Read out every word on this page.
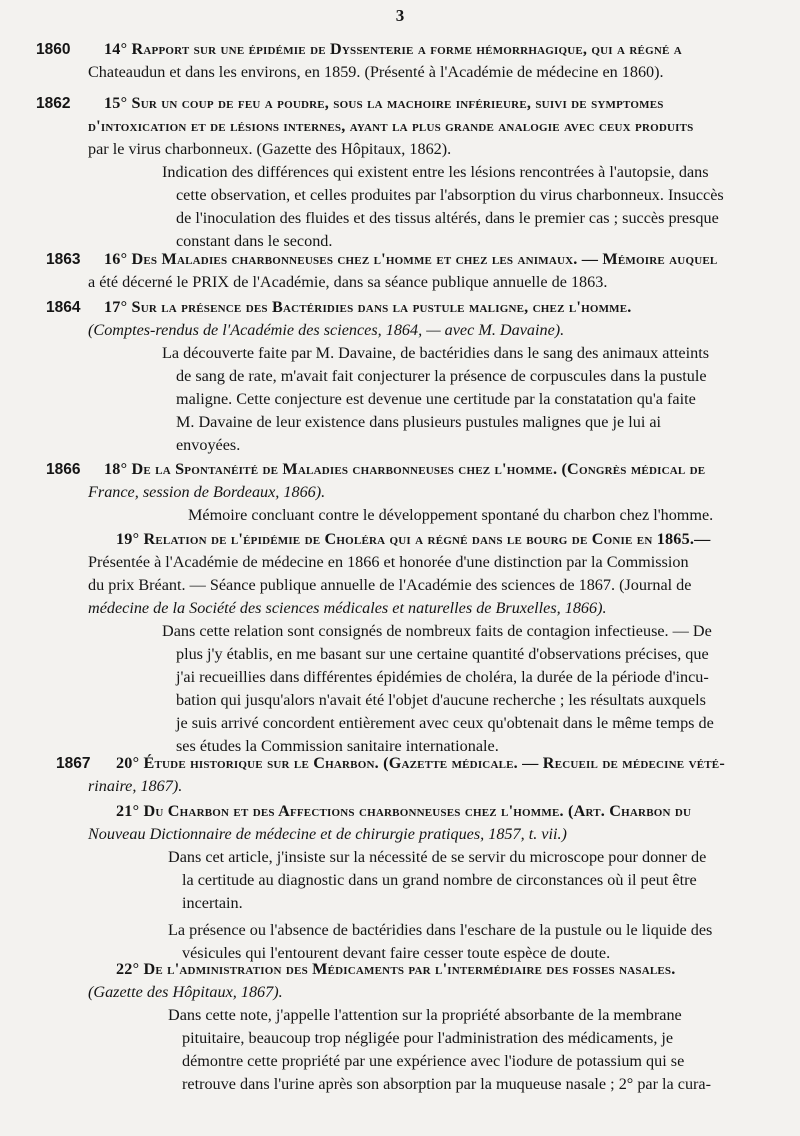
3
1860	14° Rapport sur une épidémie de Dyssenterie a forme hémorrhagique, qui a régné a
Chateaudun et dans les environs, en 1859. (Présenté à l'Académie de médecine en 1860).
1862	15° Sur un coup de feu a poudre, sous la machoire inférieure, suivi de symptomes
d'intoxication et de lésions internes, ayant la plus grande analogie avec ceux produits
par le virus charbonneux. (Gazette des Hôpitaux, 1862).
Indication des différences qui existent entre les lésions rencontrées à l'autopsie, dans
cette observation, et celles produites par l'absorption du virus charbonneux. Insuccès
de l'inoculation des fluides et des tissus altérés, dans le premier cas ; succès presque
constant dans le second.
1863	16° Des Maladies charbonneuses chez l'homme et chez les animaux. — Mémoire auquel
a été décerné le PRIX de l'Académie, dans sa séance publique annuelle de 1863.
1864	17° Sur la présence des Bactéridies dans la pustule maligne, chez l'homme.
(Comptes-rendus de l'Académie des sciences, 1864, — avec M. Davaine).
La découverte faite par M. Davaine, de bactéridies dans le sang des animaux atteints
de sang de rate, m'avait fait conjecturer la présence de corpuscules dans la pustule
maligne. Cette conjecture est devenue une certitude par la constatation qu'a faite
M. Davaine de leur existence dans plusieurs pustules malignes que je lui ai
envoyées.
1866	18° De la Spontanéité de Maladies charbonneuses chez l'homme. (Congrès médical de
France, session de Bordeaux, 1866).
Mémoire concluant contre le développement spontané du charbon chez l'homme.
19° Relation de l'épidémie de Choléra qui a régné dans le bourg de Conie en 1865.—
Présentée à l'Académie de médecine en 1866 et honorée d'une distinction par la Commission
du prix Bréant. — Séance publique annuelle de l'Académie des sciences de 1867. (Journal de
médecine de la Société des sciences médicales et naturelles de Bruxelles, 1866).
Dans cette relation sont consignés de nombreux faits de contagion infectieuse. — De
plus j'y établis, en me basant sur une certaine quantité d'observations précises, que
j'ai recueillies dans différentes épidémies de choléra, la durée de la période d'incu-
bation qui jusqu'alors n'avait été l'objet d'aucune recherche ; les résultats auxquels
je suis arrivé concordent entièrement avec ceux qu'obtenait dans le même temps de
ses études la Commission sanitaire internationale.
1867	20° Étude historique sur le Charbon. (Gazette médicale. — Recueil de médecine vété-
rinaire, 1867).
21° Du Charbon et des Affections charbonneuses chez l'homme. (Art. Charbon du
Nouveau Dictionnaire de médecine et de chirurgie pratiques, 1857, t. vii.)
Dans cet article, j'insiste sur la nécessité de se servir du microscope pour donner de
la certitude au diagnostic dans un grand nombre de circonstances où il peut être
incertain.
La présence ou l'absence de bactéridies dans l'eschare de la pustule ou le liquide des
vésicules qui l'entourent devant faire cesser toute espèce de doute.
22° De l'administration des Médicaments par l'intermédiaire des fosses nasales.
(Gazette des Hôpitaux, 1867).
Dans cette note, j'appelle l'attention sur la propriété absorbante de la membrane
pituitaire, beaucoup trop négligée pour l'administration des médicaments, je
démontre cette propriété par une expérience avec l'iodure de potassium qui se
retrouve dans l'urine après son absorption par la muqueuse nasale ; 2° par la cura-
